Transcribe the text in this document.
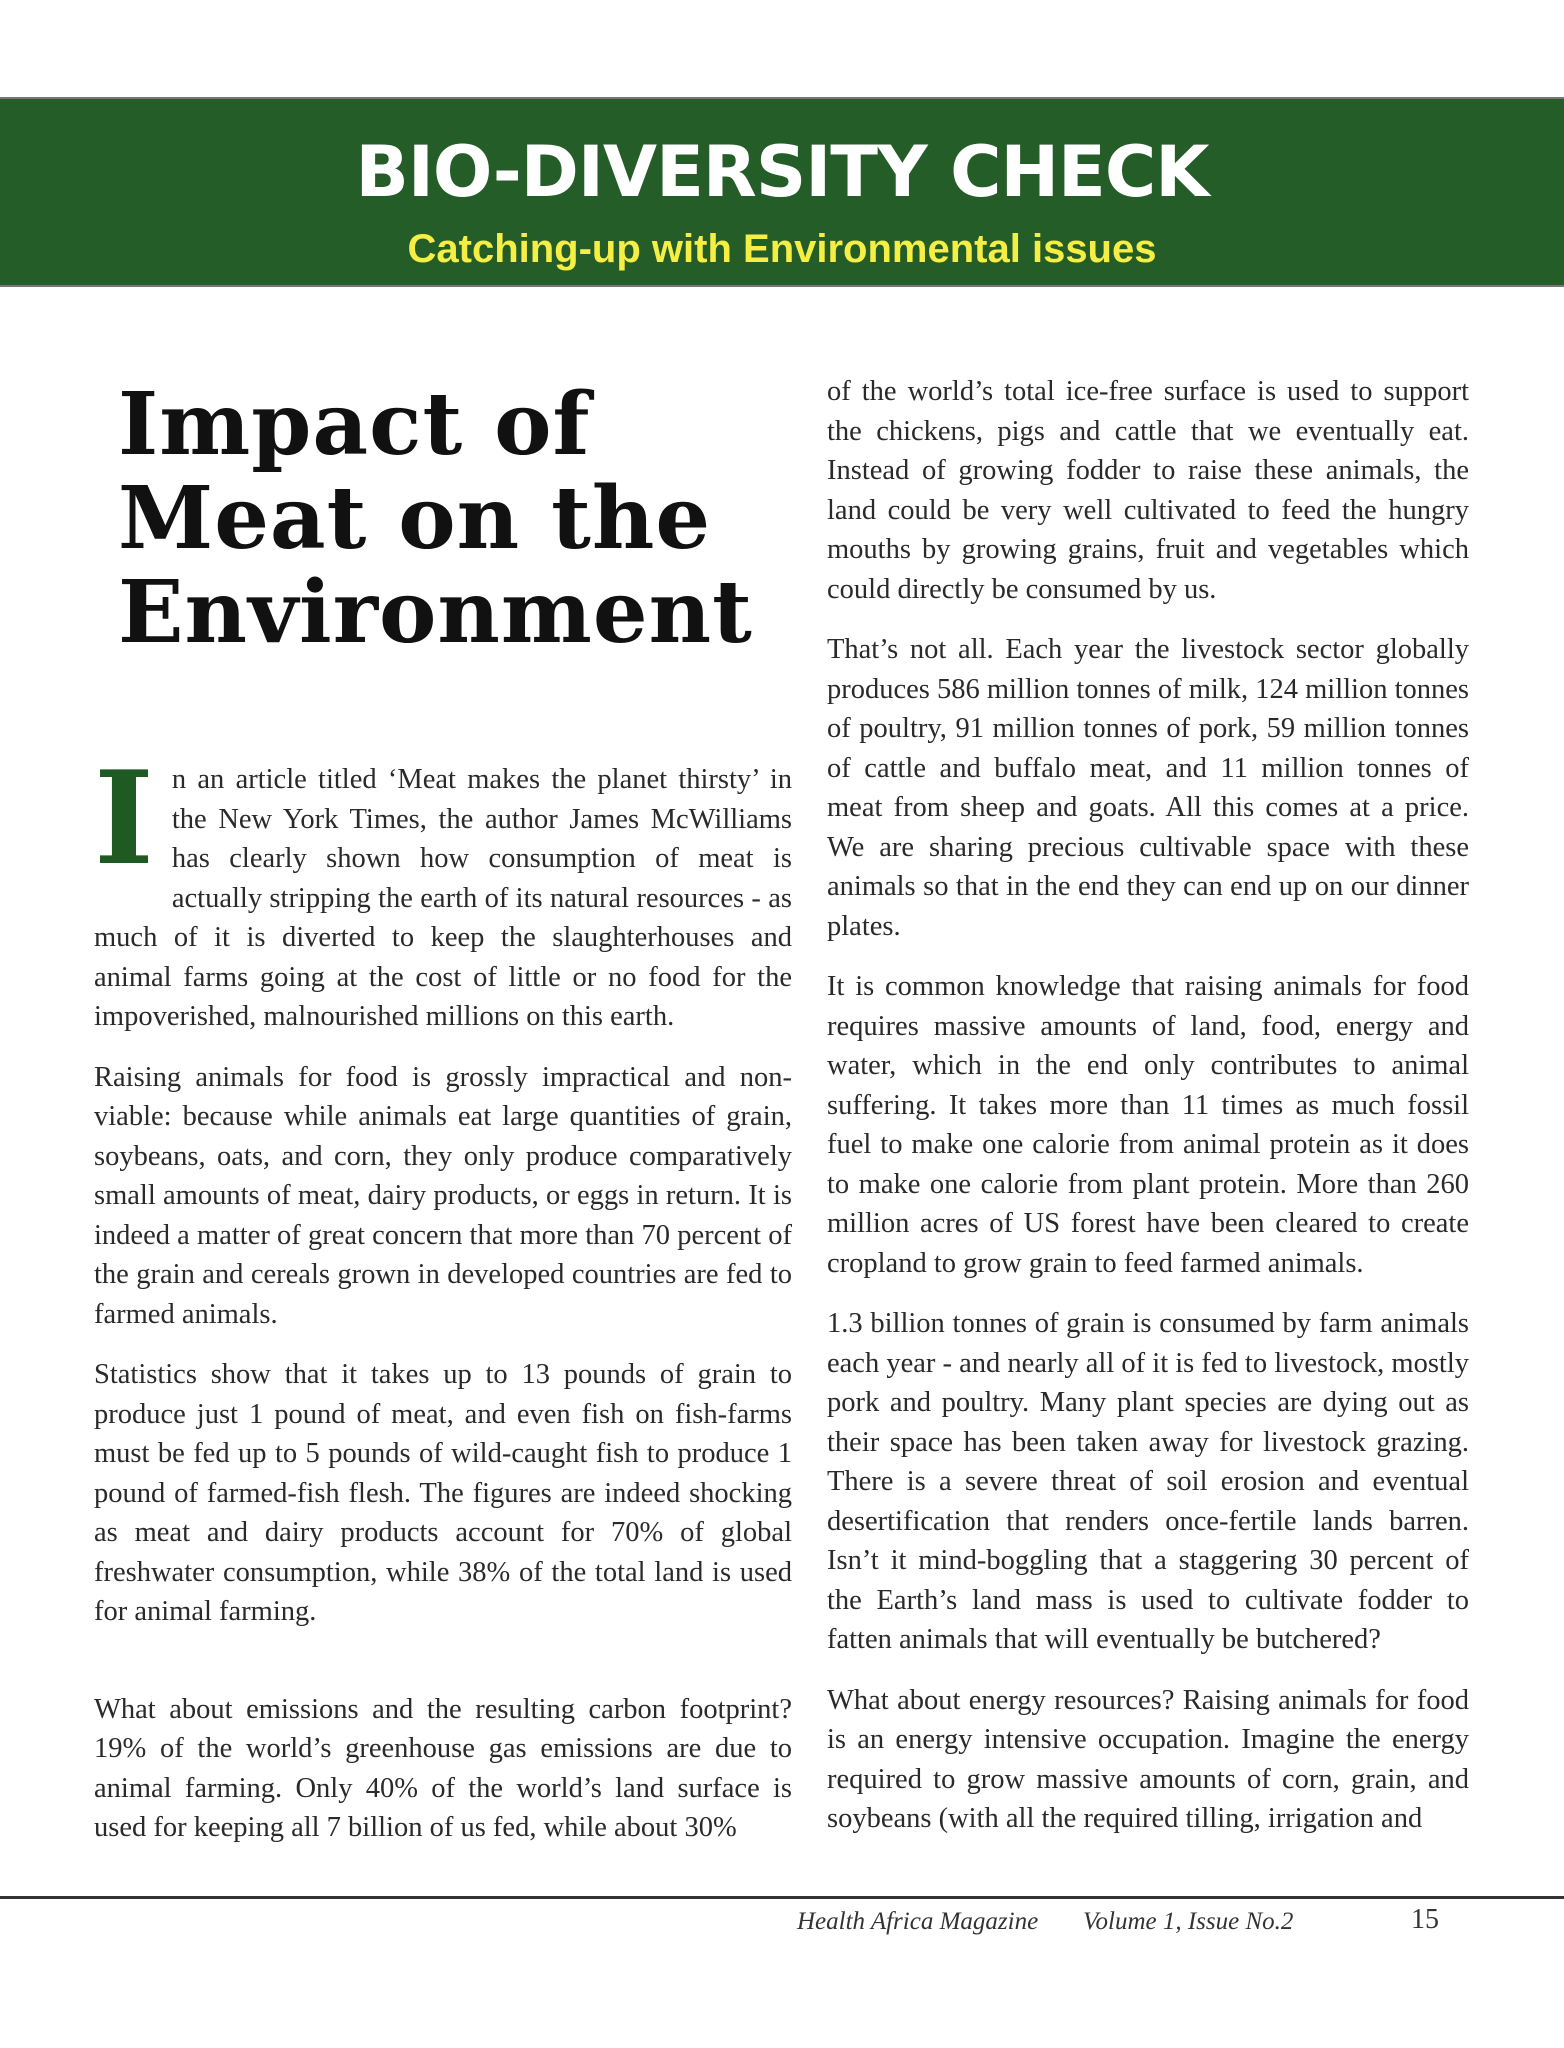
BIO-DIVERSITY CHECK
Catching-up with Environmental issues
Impact of Meat on the Environment

In an article titled ‘Meat makes the planet thirsty’ in the New York Times, the author James McWilliams has clearly shown how consumption of meat is actually stripping the earth of its natural resources - as much of it is diverted to keep the slaughterhouses and animal farms going at the cost of little or no food for the impoverished, malnourished millions on this earth.

Raising animals for food is grossly impractical and non-viable: because while animals eat large quantities of grain, soybeans, oats, and corn, they only produce comparatively small amounts of meat, dairy products, or eggs in return. It is indeed a matter of great concern that more than 70 percent of the grain and cereals grown in developed countries are fed to farmed animals.

Statistics show that it takes up to 13 pounds of grain to produce just 1 pound of meat, and even fish on fish-farms must be fed up to 5 pounds of wild-caught fish to produce 1 pound of farmed-fish flesh. The figures are indeed shocking as meat and dairy products account for 70% of global freshwater consumption, while 38% of the total land is used for animal farming.

What about emissions and the resulting carbon footprint? 19% of the world’s greenhouse gas emissions are due to animal farming. Only 40% of the world’s land surface is used for keeping all 7 billion of us fed, while about 30%

of the world’s total ice-free surface is used to support the chickens, pigs and cattle that we eventually eat. Instead of growing fodder to raise these animals, the land could be very well cultivated to feed the hungry mouths by growing grains, fruit and vegetables which could directly be consumed by us.

That’s not all. Each year the livestock sector globally produces 586 million tonnes of milk, 124 million tonnes of poultry, 91 million tonnes of pork, 59 million tonnes of cattle and buffalo meat, and 11 million tonnes of meat from sheep and goats. All this comes at a price. We are sharing precious cultivable space with these animals so that in the end they can end up on our dinner plates.

It is common knowledge that raising animals for food requires massive amounts of land, food, energy and water, which in the end only contributes to animal suffering. It takes more than 11 times as much fossil fuel to make one calorie from animal protein as it does to make one calorie from plant protein. More than 260 million acres of US forest have been cleared to create cropland to grow grain to feed farmed animals.

1.3 billion tonnes of grain is consumed by farm animals each year - and nearly all of it is fed to livestock, mostly pork and poultry. Many plant species are dying out as their space has been taken away for livestock grazing. There is a severe threat of soil erosion and eventual desertification that renders once-fertile lands barren. Isn’t it mind-boggling that a staggering 30 percent of the Earth’s land mass is used to cultivate fodder to fatten animals that will eventually be butchered?

What about energy resources? Raising animals for food is an energy intensive occupation. Imagine the energy required to grow massive amounts of corn, grain, and soybeans (with all the required tilling, irrigation and

Health Africa Magazine Volume 1, Issue No.2	15
